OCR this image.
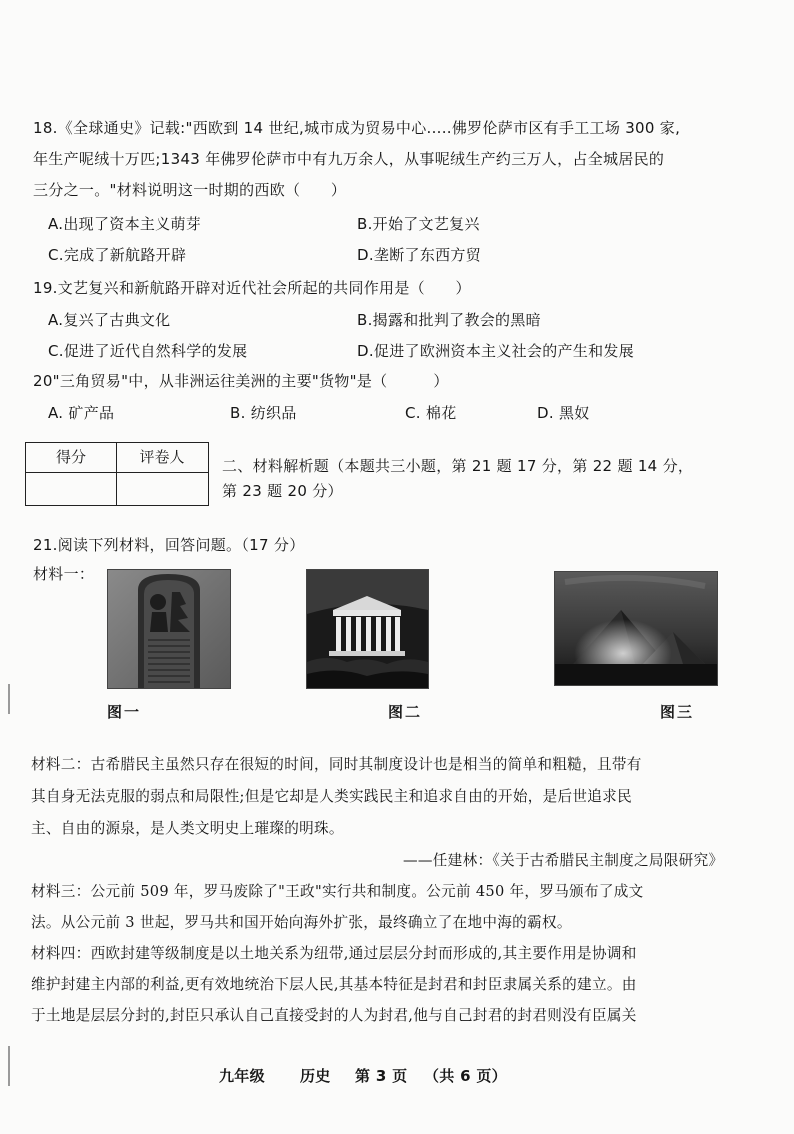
18.《全球通史》记载:"西欧到 14 世纪,城市成为贸易中心.....佛罗伦萨市区有手工工场 300 家,
年生产呢绒十万匹;1343 年佛罗伦萨市中有九万余人，从事呢绒生产约三万人，占全城居民的
三分之一。"材料说明这一时期的西欧（　　）
A.出现了资本主义萌芽	B.开始了文艺复兴
C.完成了新航路开辟	D.垄断了东西方贸
19.文艺复兴和新航路开辟对近代社会所起的共同作用是（　　）
A.复兴了古典文化	B.揭露和批判了教会的黑暗
C.促进了近代自然科学的发展	D.促进了欧洲资本主义社会的产生和发展
20"三角贸易"中，从非洲运往美洲的主要"货物"是（　　　）
A. 矿产品	B. 纺织品	C. 棉花	D. 黑奴
得分	评卷人	二、材料解析题（本题共三小题，第 21 题 17 分，第 22 题 14 分，
第 23 题 20 分）
21.阅读下列材料，回答问题。（17 分）
材料一：
图一	图二	图三
材料二：古希腊民主虽然只存在很短的时间，同时其制度设计也是相当的简单和粗糙，且带有
其自身无法克服的弱点和局限性;但是它却是人类实践民主和追求自由的开始，是后世追求民
主、自由的源泉，是人类文明史上璀璨的明珠。
——任建林：《关于古希腊民主制度之局限研究》
材料三：公元前 509 年，罗马废除了"王政"实行共和制度。公元前 450 年，罗马颁布了成文
法。从公元前 3 世起，罗马共和国开始向海外扩张，最终确立了在地中海的霸权。
材料四：西欧封建等级制度是以土地关系为纽带,通过层层分封而形成的,其主要作用是协调和
维护封建主内部的利益,更有效地统治下层人民,其基本特征是封君和封臣隶属关系的建立。由
于土地是层层分封的,封臣只承认自己直接受封的人为封君,他与自己封君的封君则没有臣属关
九年级 历史 第 3 页 （共 6 页）
